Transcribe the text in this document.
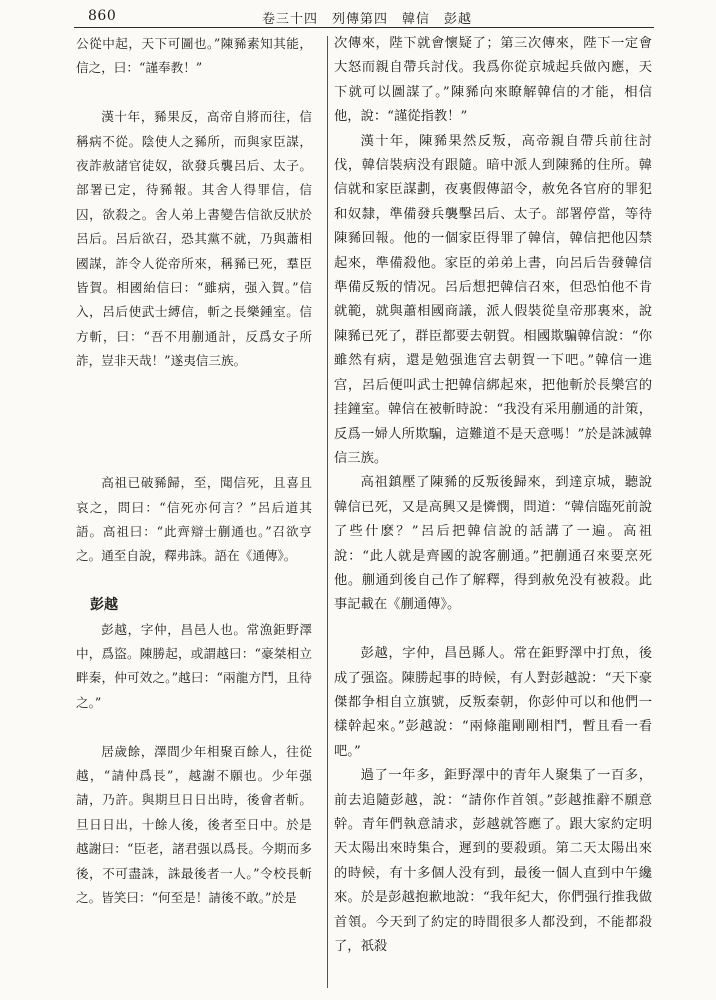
860	卷三十四　列傳第四　韓信　彭越

公從中起，天下可圖也。”陳豨素知其能，信之，曰：“謹奉教！”

漢十年，豨果反，高帝自將而往，信稱病不從。陰使人之豨所，而與家臣謀，夜詐赦諸官徒奴，欲發兵襲呂后、太子。部署已定，待豨報。其舍人得罪信，信囚，欲殺之。舍人弟上書變告信欲反狀於呂后。呂后欲召，恐其黨不就，乃與蕭相國謀，詐令人從帝所來，稱豨已死，羣臣皆賀。相國紿信曰：“雖病，强入賀。”信入，呂后使武士縛信，斬之長樂鍾室。信方斬，曰：“吾不用蒯通計，反爲女子所詐，豈非天哉！”遂夷信三族。

高祖已破豨歸，至，聞信死，且喜且哀之，問曰：“信死亦何言？”呂后道其語。高祖曰：“此齊辯士蒯通也。”召欲亨之。通至自說，釋弗誅。語在《通傳》。

彭越

彭越，字仲，昌邑人也。常漁鉅野澤中，爲盜。陳勝起，或謂越曰：“豪桀相立畔秦，仲可效之。”越曰：“兩龍方鬥，且待之。”

居歲餘，澤間少年相聚百餘人，往從越，“請仲爲長”，越謝不願也。少年强請，乃許。與期旦日日出時，後會者斬。旦日日出，十餘人後，後者至日中。於是越謝曰：“臣老，諸君强以爲長。今期而多後，不可盡誅，誅最後者一人。”令校長斬之。皆笑曰：“何至是！請後不敢。”於是

次傳來，陛下就會懷疑了；第三次傳來，陛下一定會大怒而親自帶兵討伐。我爲你從京城起兵做內應，天下就可以圖謀了。”陳豨向來瞭解韓信的才能，相信他，說：“謹從指教！”

漢十年，陳豨果然反叛，高帝親自帶兵前往討伐，韓信裝病没有跟隨。暗中派人到陳豨的住所。韓信就和家臣謀劃，夜裏假傳詔令，赦免各官府的罪犯和奴隸，準備發兵襲擊呂后、太子。部署停當，等待陳豨回報。他的一個家臣得罪了韓信，韓信把他囚禁起來，準備殺他。家臣的弟弟上書，向呂后告發韓信準備反叛的情况。呂后想把韓信召來，但恐怕他不肯就範，就與蕭相國商議，派人假裝從皇帝那裏來，說陳豨已死了，群臣都要去朝賀。相國欺騙韓信說：“你雖然有病，還是勉强進宫去朝賀一下吧。”韓信一進宫，呂后便叫武士把韓信綁起來，把他斬於長樂宫的挂鐘室。韓信在被斬時說：“我没有采用蒯通的計策，反爲一婦人所欺騙，這難道不是天意嗎！”於是誅滅韓信三族。

高祖鎮壓了陳豨的反叛後歸來，到達京城，聽說韓信已死，又是高興又是憐憫，問道：“韓信臨死前說了些什麽？”呂后把韓信說的話講了一遍。高祖說：“此人就是齊國的說客蒯通。”把蒯通召來要烹死他。蒯通到後自己作了解釋，得到赦免没有被殺。此事記載在《蒯通傳》。

彭越，字仲，昌邑縣人。常在鉅野澤中打魚，後成了强盗。陳勝起事的時候，有人對彭越說：“天下豪傑都争相自立旗號，反叛秦朝，你彭仲可以和他們一樣幹起來。”彭越說：“兩條龍剛剛相鬥，暫且看一看吧。”

過了一年多，鉅野澤中的青年人聚集了一百多，前去追隨彭越，說：“請你作首領。”彭越推辭不願意幹。青年們執意請求，彭越就答應了。跟大家約定明天太陽出來時集合，遲到的要殺頭。第二天太陽出來的時候，有十多個人没有到，最後一個人直到中午纔來。於是彭越抱歉地說：“我年紀大，你們强行推我做首領。今天到了約定的時間很多人都没到，不能都殺了，祇殺
